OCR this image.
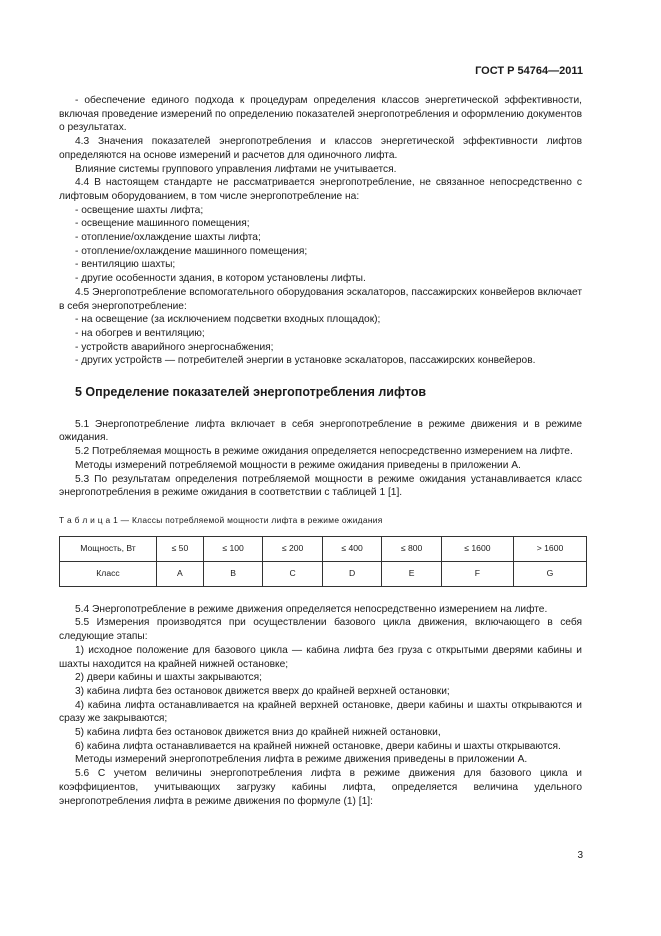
ГОСТ Р 54764—2011

- обеспечение единого подхода к процедурам определения классов энергетической эффективности, включая проведение измерений по определению показателей энергопотребления и оформлению документов о результатах.

4.3 Значения показателей энергопотребления и классов энергетической эффективности лифтов определяются на основе измерений и расчетов для одиночного лифта.

Влияние системы группового управления лифтами не учитывается.

4.4 В настоящем стандарте не рассматривается энергопотребление, не связанное непосредственно с лифтовым оборудованием, в том числе энергопотребление на:

- освещение шахты лифта;

- освещение машинного помещения;

- отопление/охлаждение шахты лифта;

- отопление/охлаждение машинного помещения;

- вентиляцию шахты;

- другие особенности здания, в котором установлены лифты.

4.5 Энергопотребление вспомогательного оборудования эскалаторов, пассажирских конвейеров включает в себя энергопотребление:

- на освещение (за исключением подсветки входных площадок);

- на обогрев и вентиляцию;

- устройств аварийного энергоснабжения;

- других устройств — потребителей энергии в установке эскалаторов, пассажирских конвейеров.

5 Определение показателей энергопотребления лифтов

5.1 Энергопотребление лифта включает в себя энергопотребление в режиме движения и в режиме ожидания.

5.2 Потребляемая мощность в режиме ожидания определяется непосредственно измерением на лифте.

Методы измерений потребляемой мощности в режиме ожидания приведены в приложении А.

5.3 По результатам определения потребляемой мощности в режиме ожидания устанавливается класс энергопотребления в режиме ожидания в соответствии с таблицей 1 [1].

Т а б л и ц а 1 — Классы потребляемой мощности лифта в режиме ожидания
Мощность, Вт	≤ 50	≤ 100	≤ 200	≤ 400	≤ 800	≤ 1600	> 1600
Класс	A	B	C	D	E	F	G

5.4 Энергопотребление в режиме движения определяется непосредственно измерением на лифте.

5.5 Измерения производятся при осуществлении базового цикла движения, включающего в себя следующие этапы:

1) исходное положение для базового цикла — кабина лифта без груза с открытыми дверями кабины и шахты находится на крайней нижней остановке;

2) двери кабины и шахты закрываются;

3) кабина лифта без остановок движется вверх до крайней верхней остановки;

4) кабина лифта останавливается на крайней верхней остановке, двери кабины и шахты открываются и сразу же закрываются;

5) кабина лифта без остановок движется вниз до крайней нижней остановки,

6) кабина лифта останавливается на крайней нижней остановке, двери кабины и шахты открываются.

Методы измерений энергопотребления лифта в режиме движения приведены в приложении А.

5.6 С учетом величины энергопотребления лифта в режиме движения для базового цикла и коэффициентов, учитывающих загрузку кабины лифта, определяется величина удельного энергопотребления лифта в режиме движения по формуле (1) [1]:

3
